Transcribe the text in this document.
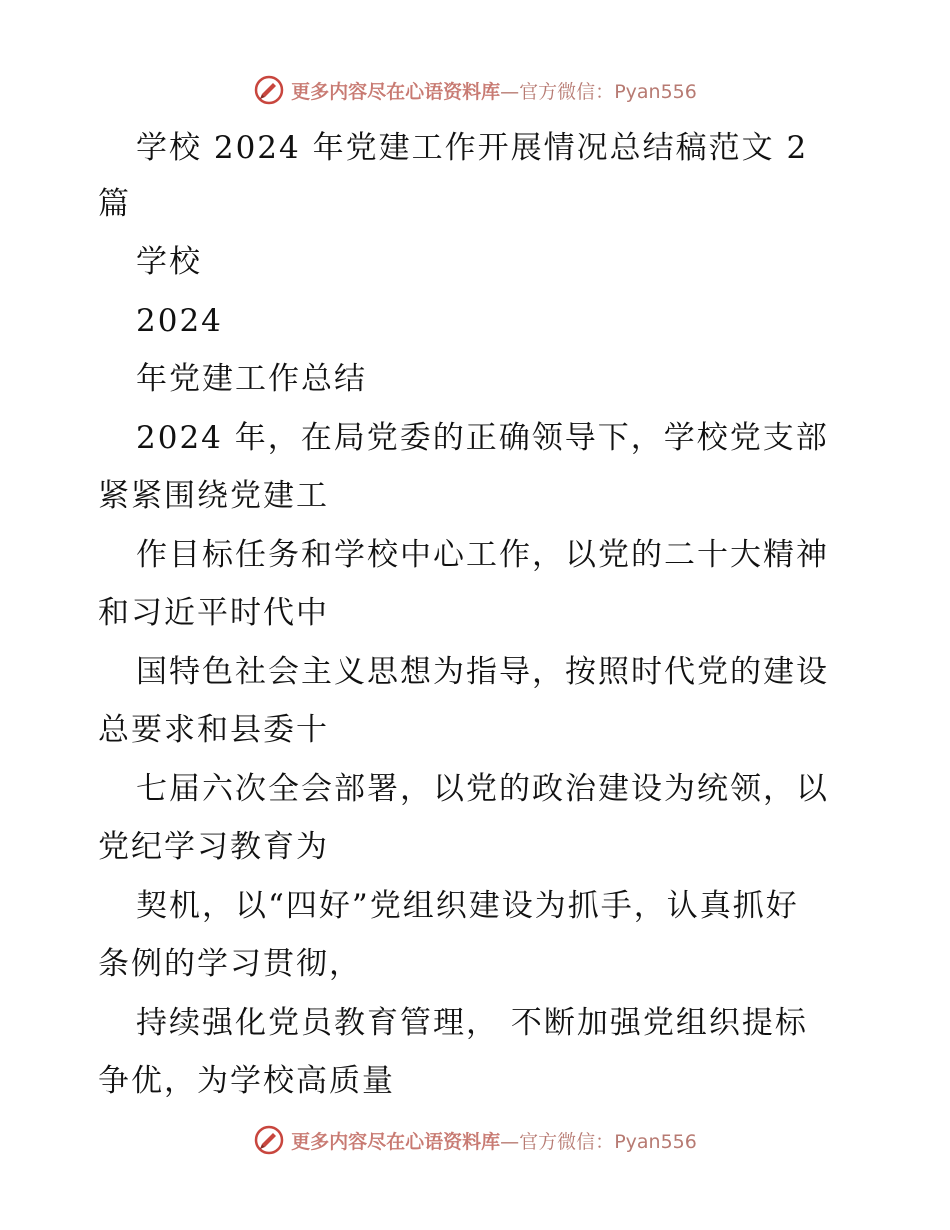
更多内容尽在心语资料库—官方微信：Pyan556
学校 2024 年党建工作开展情况总结稿范文 2
篇
学校
2024
年党建工作总结
2024 年，在局党委的正确领导下，学校党支部
紧紧围绕党建工
作目标任务和学校中心工作，以党的二十大精神
和习近平时代中
国特色社会主义思想为指导，按照时代党的建设
总要求和县委十
七届六次全会部署，以党的政治建设为统领，以
党纪学习教育为
契机，以“四好”党组织建设为抓手，认真抓好
条例的学习贯彻，
持续强化党员教育管理， 不断加强党组织提标
争优，为学校高质量
更多内容尽在心语资料库—官方微信：Pyan556
